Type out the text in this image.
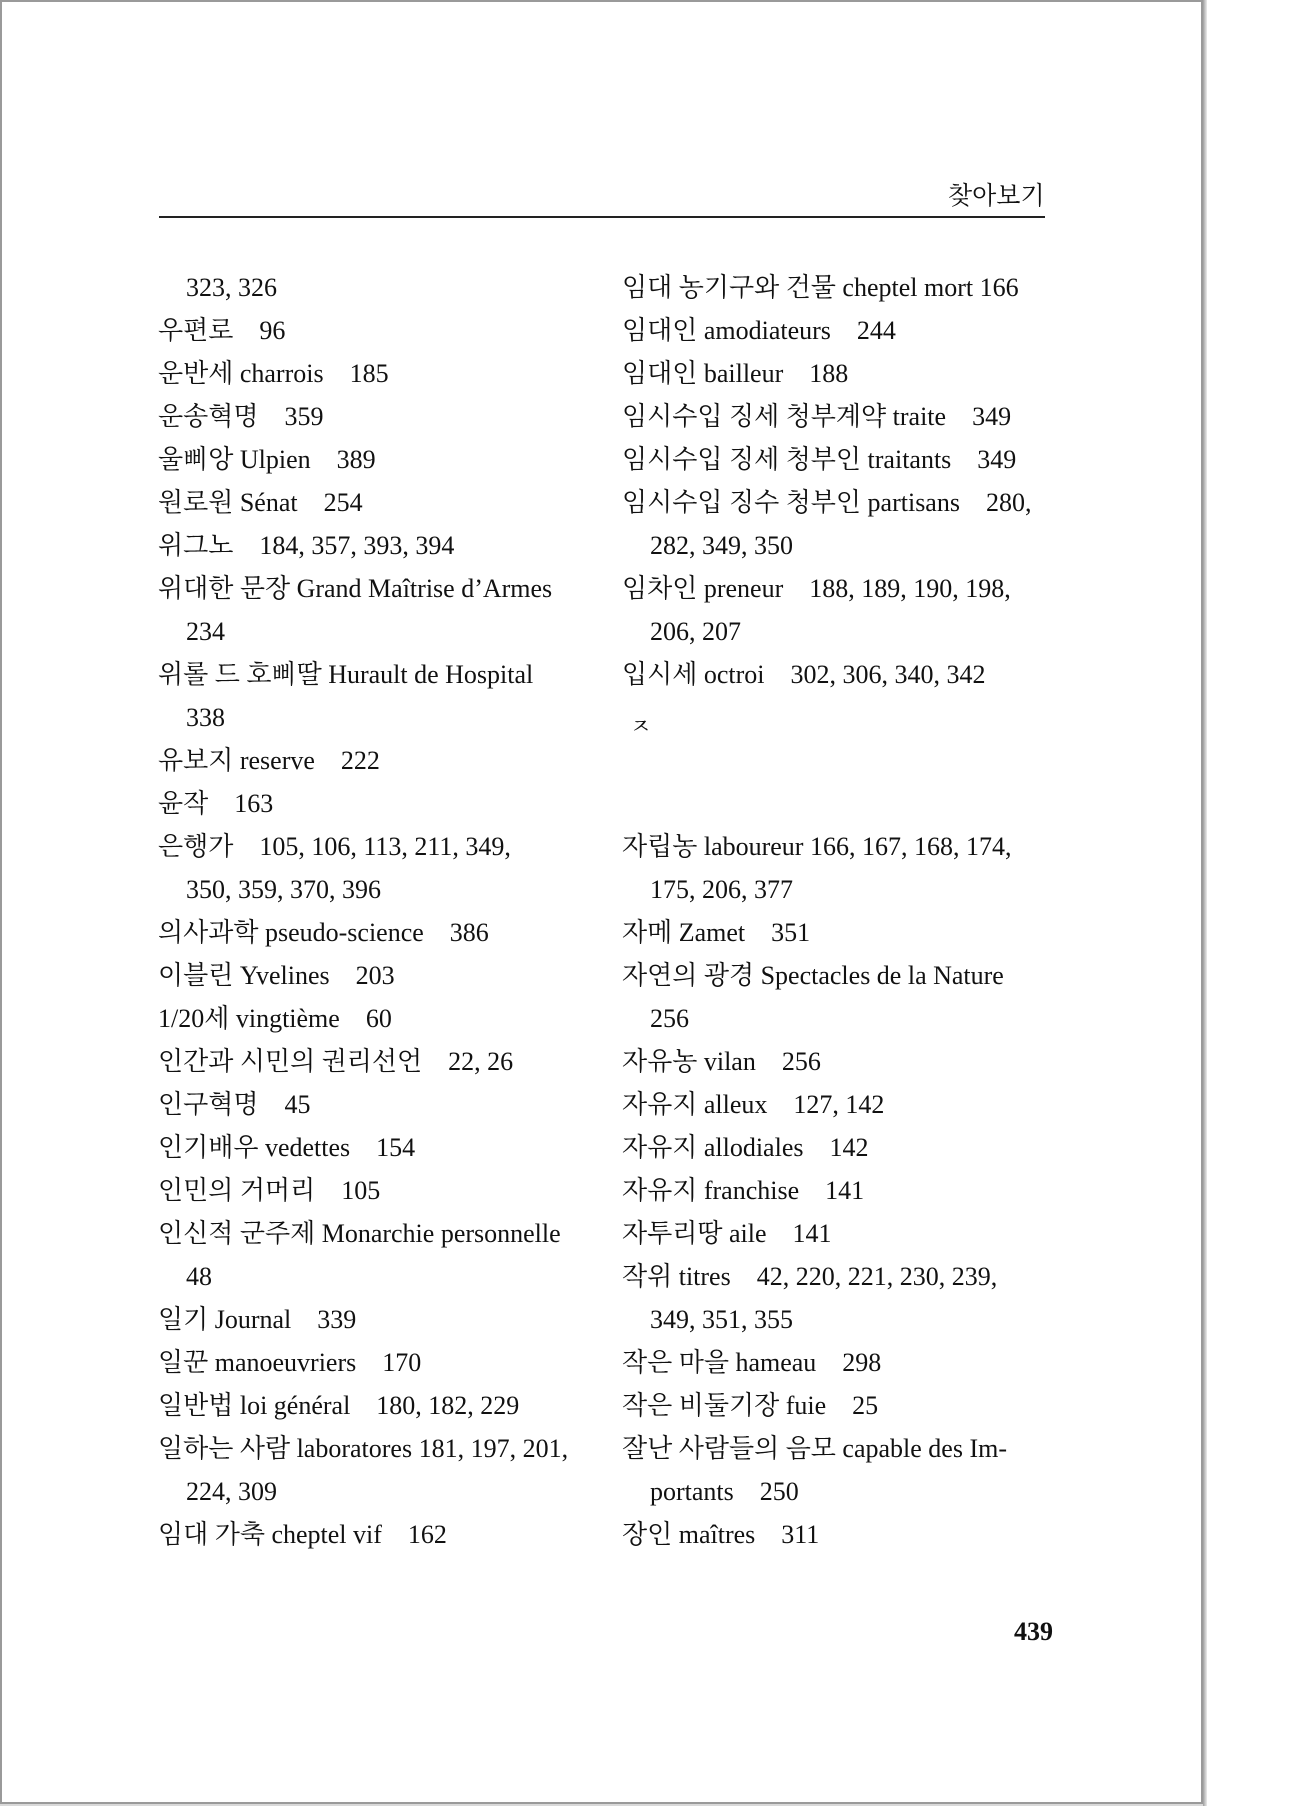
찾아보기

323, 326

우편로　96

운반세 charrois　185

운송혁명　359

울삐앙 Ulpien　389

원로원 Sénat　254

위그노　184, 357, 393, 394

위대한 문장 Grand Maîtrise d’Armes

234

위롤 드 호삐딸 Hurault de Hospital

338

유보지 reserve　222

윤작　163

은행가　105, 106, 113, 211, 349,

350, 359, 370, 396

의사과학 pseudo-science　386

이블린 Yvelines　203

1/20세 vingtième　60

인간과 시민의 권리선언　22, 26

인구혁명　45

인기배우 vedettes　154

인민의 거머리　105

인신적 군주제 Monarchie personnelle

48

일기 Journal　339

일꾼 manoeuvriers　170

일반법 loi général　180, 182, 229

일하는 사람 laboratores 181, 197, 201,

224, 309

임대 가축 cheptel vif　162

임대 농기구와 건물 cheptel mort 166

임대인 amodiateurs　244

임대인 bailleur　188

임시수입 징세 청부계약 traite　349

임시수입 징세 청부인 traitants　349

임시수입 징수 청부인 partisans　280,

282, 349, 350

임차인 preneur　188, 189, 190, 198,

206, 207

입시세 octroi　302, 306, 340, 342

ㅈ

자립농 laboureur 166, 167, 168, 174,

175, 206, 377

자메 Zamet　351

자연의 광경 Spectacles de la Nature

256

자유농 vilan　256

자유지 alleux　127, 142

자유지 allodiales　142

자유지 franchise　141

자투리땅 aile　141

작위 titres　42, 220, 221, 230, 239,

349, 351, 355

작은 마을 hameau　298

작은 비둘기장 fuie　25

잘난 사람들의 음모 capable des Im-

portants　250

장인 maîtres　311

439
